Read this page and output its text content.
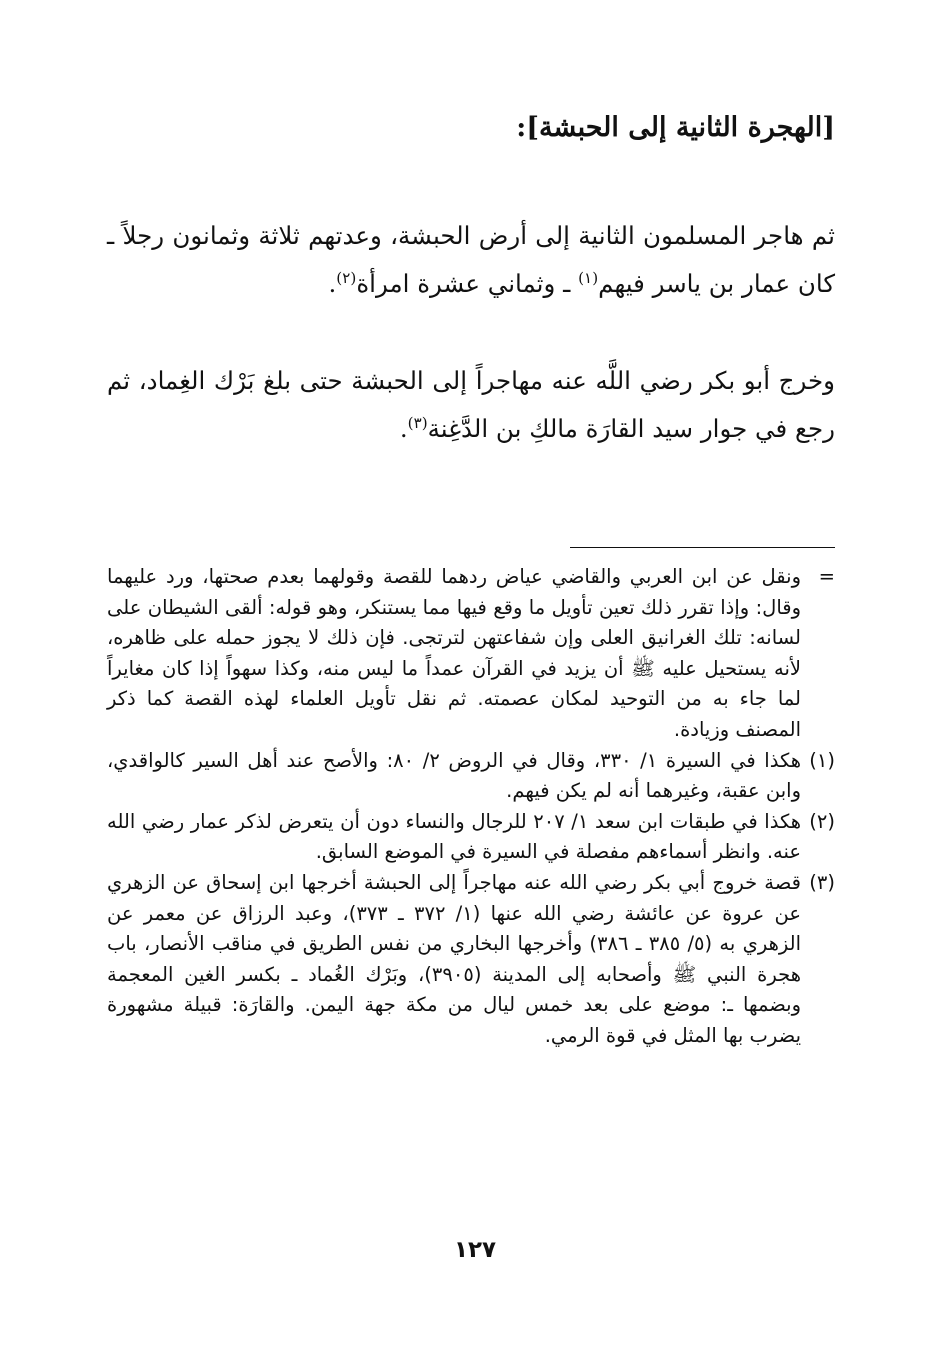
[الهجرة الثانية إلى الحبشة]:

ثم هاجر المسلمون الثانية إلى أرض الحبشة، وعدتهم ثلاثة وثمانون رجلاً ـ كان عمار بن ياسر فيهم$^{(١)}$ ـ وثماني عشرة امرأة$^{(٢)}$.

وخرج أبو بكر رضي اللَّه عنه مهاجراً إلى الحبشة حتى بلغ بَرْك الغِماد، ثم رجع في جوار سيد القارَة مالكِ بن الدَّغِنة$^{(٣)}$.

=
ونقل عن ابن العربي والقاضي عياض ردهما للقصة وقولهما بعدم صحتها، ورد عليهما وقال: وإذا تقرر ذلك تعين تأويل ما وقع فيها مما يستنكر، وهو قوله: ألقى الشيطان على لسانه: تلك الغرانيق العلى وإن شفاعتهن لترتجى. فإن ذلك لا يجوز حمله على ظاهره، لأنه يستحيل عليه ﷺ أن يزيد في القرآن عمداً ما ليس منه، وكذا سهواً إذا كان مغايراً لما جاء به من التوحيد لمكان عصمته. ثم نقل تأويل العلماء لهذه القصة كما ذكر المصنف وزيادة.
(١)
هكذا في السيرة ١/ ٣٣٠، وقال في الروض ٢/ ٨٠: والأصح عند أهل السير كالواقدي، وابن عقبة، وغيرهما أنه لم يكن فيهم.
(٢)
هكذا في طبقات ابن سعد ١/ ٢٠٧ للرجال والنساء دون أن يتعرض لذكر عمار رضي الله عنه. وانظر أسماءهم مفصلة في السيرة في الموضع السابق.
(٣)
قصة خروج أبي بكر رضي الله عنه مهاجراً إلى الحبشة أخرجها ابن إسحاق عن الزهري عن عروة عن عائشة رضي الله عنها (١/ ٣٧٢ ـ ٣٧٣)، وعبد الرزاق عن معمر عن الزهري به (٥/ ٣٨٥ ـ ٣٨٦) وأخرجها البخاري من نفس الطريق في مناقب الأنصار، باب هجرة النبي ﷺ وأصحابه إلى المدينة (٣٩٠٥)، وبَرْك الغُماد ـ بكسر الغين المعجمة وبضمها ـ: موضع على بعد خمس ليال من مكة جهة اليمن. والقارَة: قبيلة مشهورة يضرب بها المثل في قوة الرمي.
١٢٧
